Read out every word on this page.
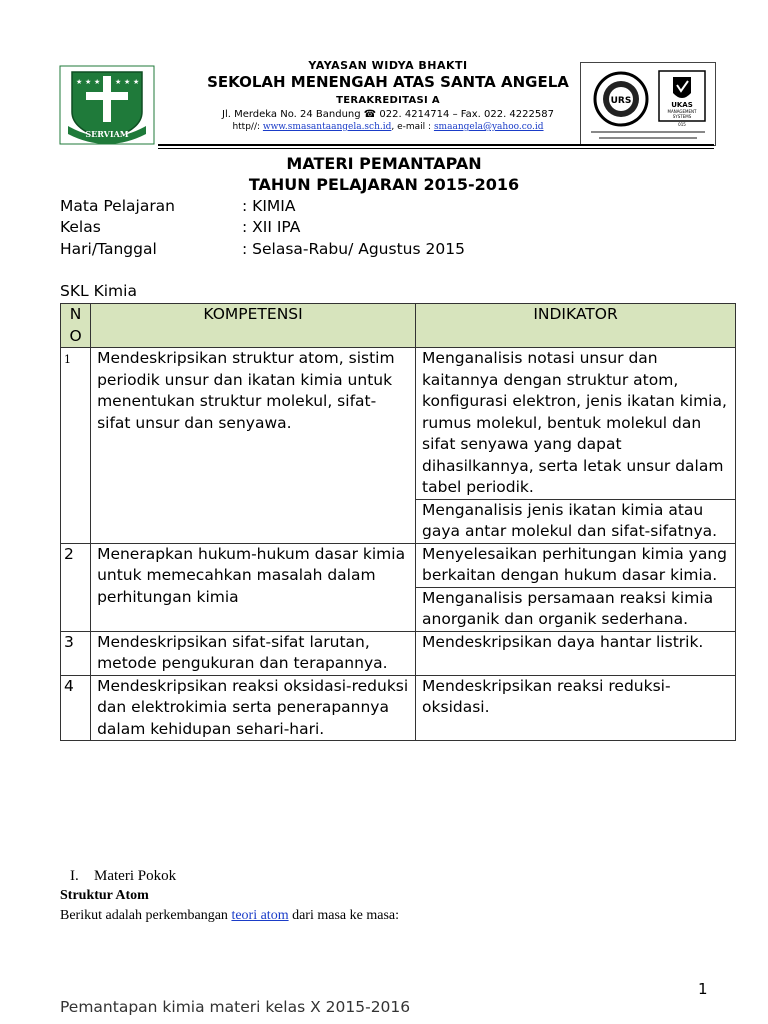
★ ★ ★ ★ ★ ★
SERVIAM
YAYASAN WIDYA BHAKTI
SEKOLAH MENENGAH ATAS SANTA ANGELA
TERAKREDITASI A
Jl. Merdeka No. 24 Bandung ☎ 022. 4214714 – Fax. 022. 4222587
http//: www.smasantaangela.sch.id, e-mail : smaangela@yahoo.co.id
URS
ISO 9001
UKAS
MANAGEMENT
SYSTEMS
015
MATERI PEMANTAPAN
TAHUN PELAJARAN 2015-2016
Mata Pelajaran	: KIMIA
Kelas	: XII IPA
Hari/Tanggal	: Selasa-Rabu/ Agustus 2015
SKL Kimia
N O	KOMPETENSI	INDIKATOR
1	Mendeskripsikan struktur atom, sistim periodik unsur dan ikatan kimia untuk menentukan struktur molekul, sifat- sifat unsur dan senyawa.	Menganalisis notasi unsur dan kaitannya dengan struktur atom, konfigurasi elektron, jenis ikatan kimia, rumus molekul, bentuk molekul dan sifat senyawa yang dapat dihasilkannya, serta letak unsur dalam tabel periodik.
		Menganalisis jenis ikatan kimia atau gaya antar molekul dan sifat-sifatnya.
2	Menerapkan hukum-hukum dasar kimia untuk memecahkan masalah dalam perhitungan kimia	Menyelesaikan perhitungan kimia yang berkaitan dengan hukum dasar kimia.
		Menganalisis persamaan reaksi kimia anorganik dan organik sederhana.
3	Mendeskripsikan sifat-sifat larutan, metode pengukuran dan terapannya.	Mendeskripsikan daya hantar listrik.
4	Mendeskripsikan reaksi oksidasi-reduksi dan elektrokimia serta penerapannya dalam kehidupan sehari-hari.	Mendeskripsikan reaksi reduksi-oksidasi.
I. Materi Pokok
Struktur Atom
Berikut adalah perkembangan teori atom dari masa ke masa:
1
Pemantapan kimia materi kelas X 2015-2016
